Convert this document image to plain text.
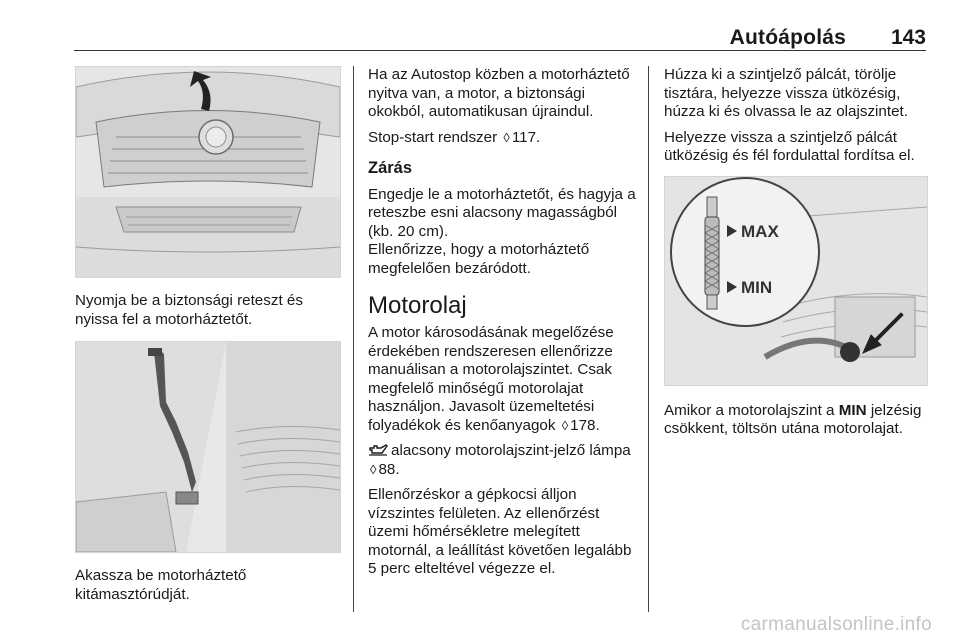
Autóápolás 143

Nyomja be a biztonsági reteszt és nyissa fel a motorháztetőt.

Akassza be motorháztető kitámasztórúdját.

Ha az Autostop közben a motorháztető nyitva van, a motor, a biztonsági okokból, automatikusan újraindul.

Stop-start rendszer ◊ 117.

Zárás

Engedje le a motorháztetőt, és hagyja a reteszbe esni alacsony magasságból (kb. 20 cm).

Ellenőrizze, hogy a motorháztető megfelelően bezáródott.

Motorolaj

A motor károsodásának megelőzése érdekében rendszeresen ellenőrizze manuálisan a motorolajszintet. Csak megfelelő minőségű motorolajat használjon. Javasolt üzemeltetési folyadékok és kenőanyagok ◊ 178.

alacsony motorolajszint-jelző lámpa ◊ 88.

Ellenőrzéskor a gépkocsi álljon vízszintes felületen. Az ellenőrzést üzemi hőmérsékletre melegített motornál, a leállítást követően legalább 5 perc elteltével végezze el.

Húzza ki a szintjelző pálcát, törölje tisztára, helyezze vissza ütközésig, húzza ki és olvassa le az olajszintet.

Helyezze vissza a szintjelző pálcát ütközésig és fél fordulattal fordítsa el.

MAX
MIN

Amikor a motorolajszint a MIN jelzésig csökkent, töltsön utána motorolajat.

carmanualsonline.info
